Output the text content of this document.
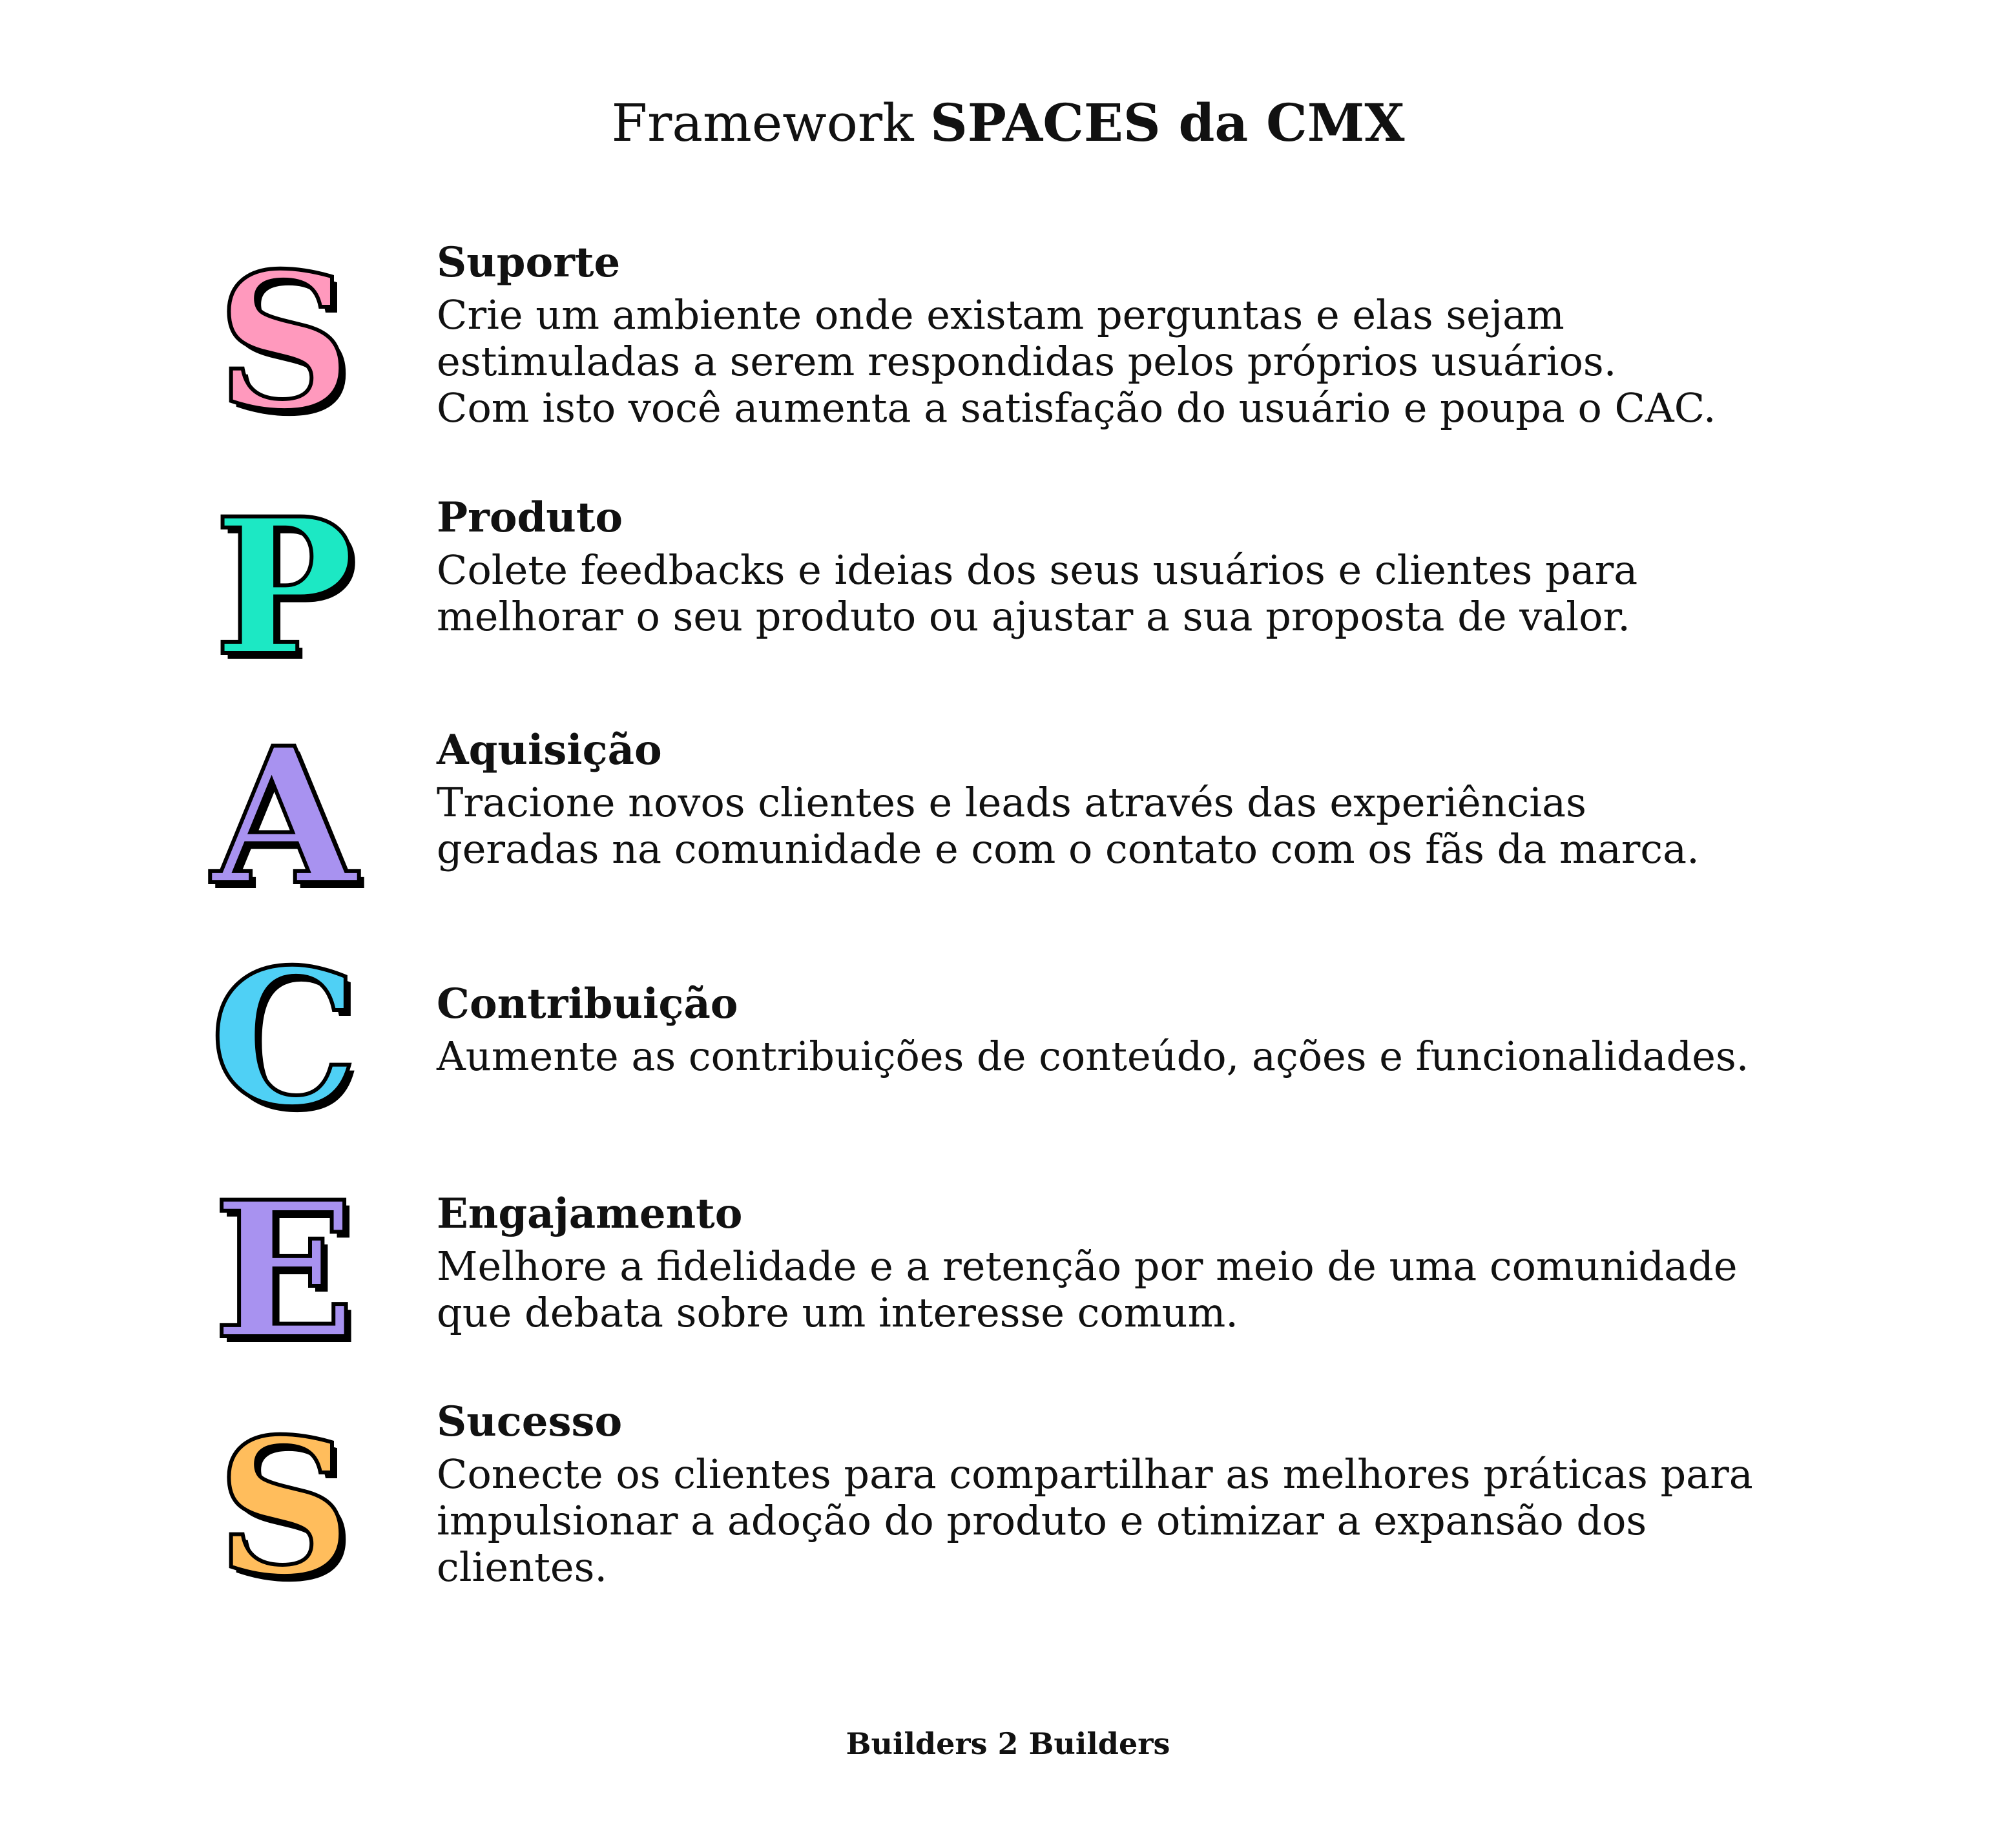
Framework SPACES da CMX
S	Suporte

Crie um ambiente onde existam perguntas e elas sejam
estimuladas a serem respondidas pelos próprios usuários.
Com isto você aumenta a satisfação do usuário e poupa o CAC.

P Produto

Colete feedbacks e ideias dos seus usuários e clientes para
melhorar o seu produto ou ajustar a sua proposta de valor.

A Aquisição

Tracione novos clientes e leads através das experiências
geradas na comunidade e com o contato com os fãs da marca.

C Contribuição

Aumente as contribuições de conteúdo, ações e funcionalidades.

E Engajamento

Melhore a fidelidade e a retenção por meio de uma comunidade
que debata sobre um interesse comum.

S	Sucesso

Conecte os clientes para compartilhar as melhores práticas para
impulsionar a adoção do produto e otimizar a expansão dos
clientes.

Builders 2 Builders
